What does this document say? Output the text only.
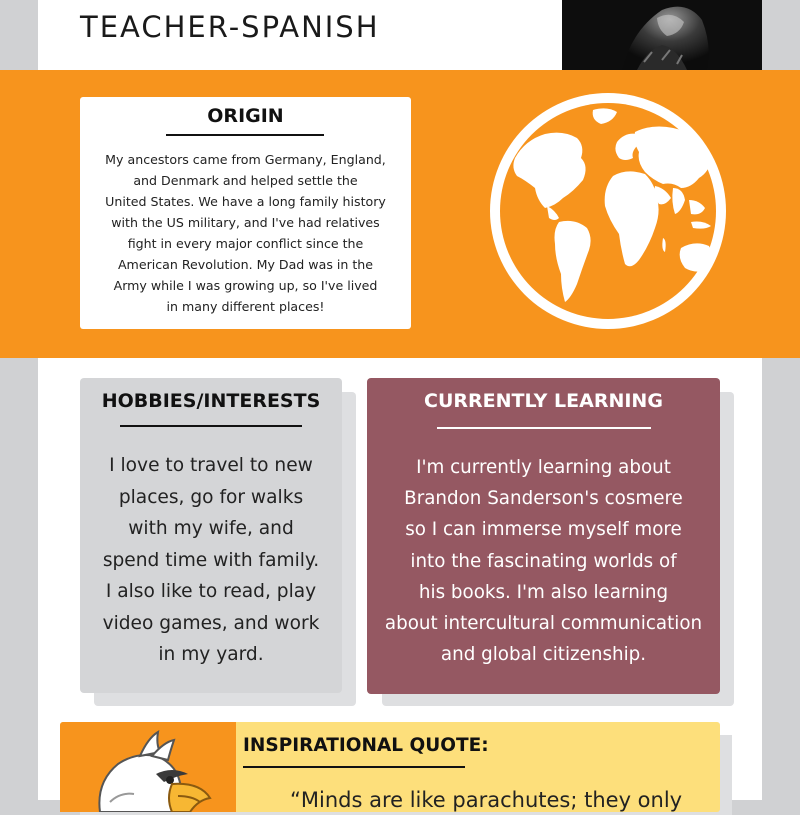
TEACHER-SPANISH
ORIGIN
My ancestors came from Germany, England,
and Denmark and helped settle the
United States. We have a long family history
with the US military, and I've had relatives
fight in every major conflict since the
American Revolution. My Dad was in the
Army while I was growing up, so I've lived
in many different places!
HOBBIES/INTERESTS
I love to travel to new
places, go for walks
with my wife, and
spend time with family.
I also like to read, play
video games, and work
in my yard.
CURRENTLY LEARNING
I'm currently learning about
Brandon Sanderson's cosmere
so I can immerse myself more
into the fascinating worlds of
his books. I'm also learning
about intercultural communication
and global citizenship.
INSPIRATIONAL QUOTE:
“Minds are like parachutes; they only
